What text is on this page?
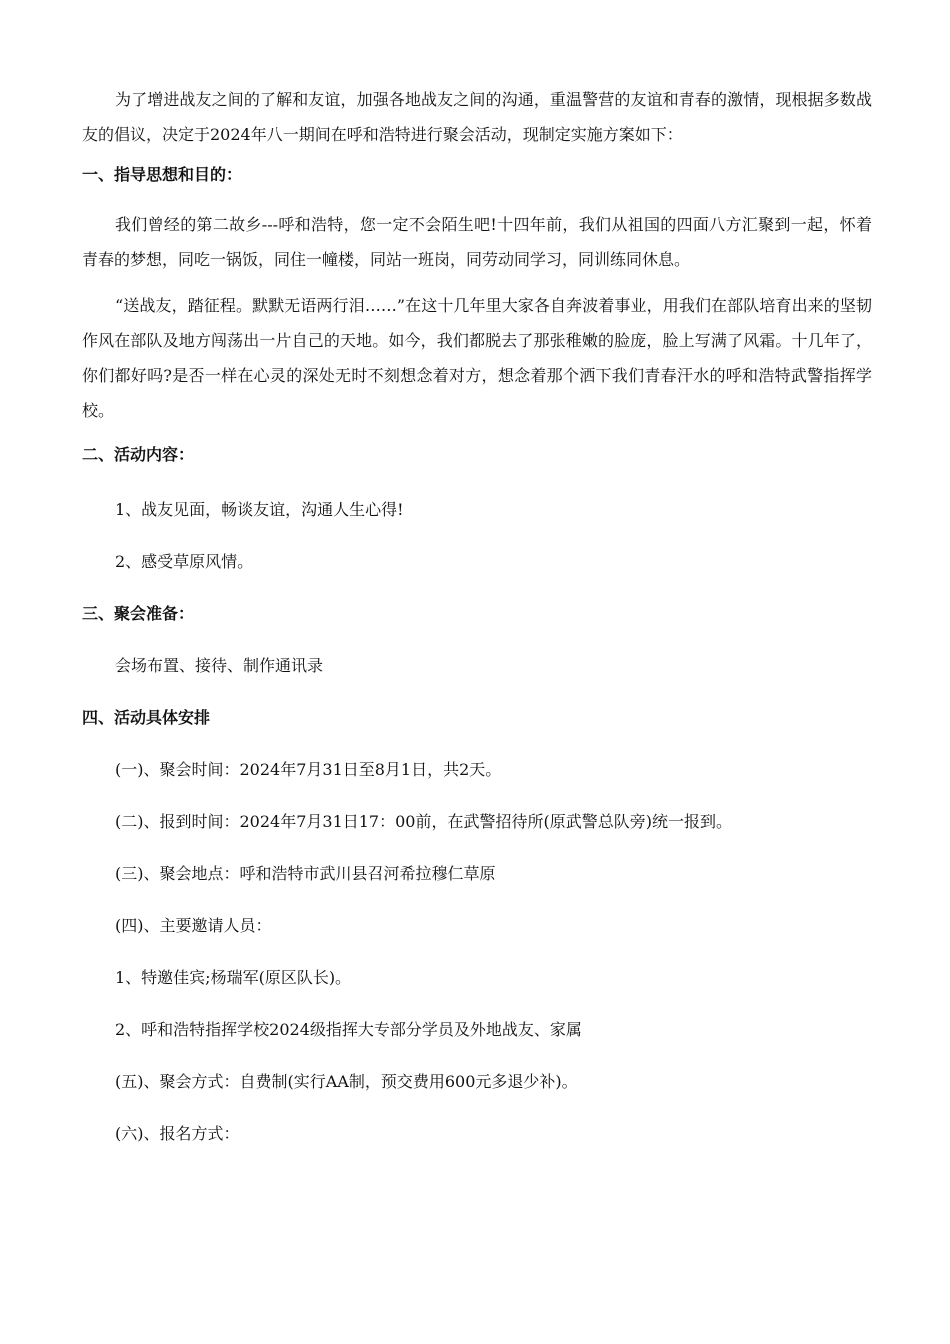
为了增进战友之间的了解和友谊，加强各地战友之间的沟通，重温警营的友谊和青春的激情，现根据多数战友的倡议，决定于2024年八一期间在呼和浩特进行聚会活动，现制定实施方案如下：

一、指导思想和目的：

我们曾经的第二故乡---呼和浩特，您一定不会陌生吧!十四年前，我们从祖国的四面八方汇聚到一起，怀着青春的梦想，同吃一锅饭，同住一幢楼，同站一班岗，同劳动同学习，同训练同休息。

“送战友，踏征程。默默无语两行泪……”在这十几年里大家各自奔波着事业，用我们在部队培育出来的坚韧作风在部队及地方闯荡出一片自己的天地。如今，我们都脱去了那张稚嫩的脸庞，脸上写满了风霜。十几年了，你们都好吗?是否一样在心灵的深处无时不刻想念着对方，想念着那个洒下我们青春汗水的呼和浩特武警指挥学校。

二、活动内容：

1、战友见面，畅谈友谊，沟通人生心得!

2、感受草原风情。

三、聚会准备：

会场布置、接待、制作通讯录

四、活动具体安排

(一)、聚会时间：2024年7月31日至8月1日，共2天。

(二)、报到时间：2024年7月31日17：00前，在武警招待所(原武警总队旁)统一报到。

(三)、聚会地点：呼和浩特市武川县召河希拉穆仁草原

(四)、主要邀请人员：

1、特邀佳宾;杨瑞军(原区队长)。

2、呼和浩特指挥学校2024级指挥大专部分学员及外地战友、家属

(五)、聚会方式：自费制(实行AA制，预交费用600元多退少补)。

(六)、报名方式：
